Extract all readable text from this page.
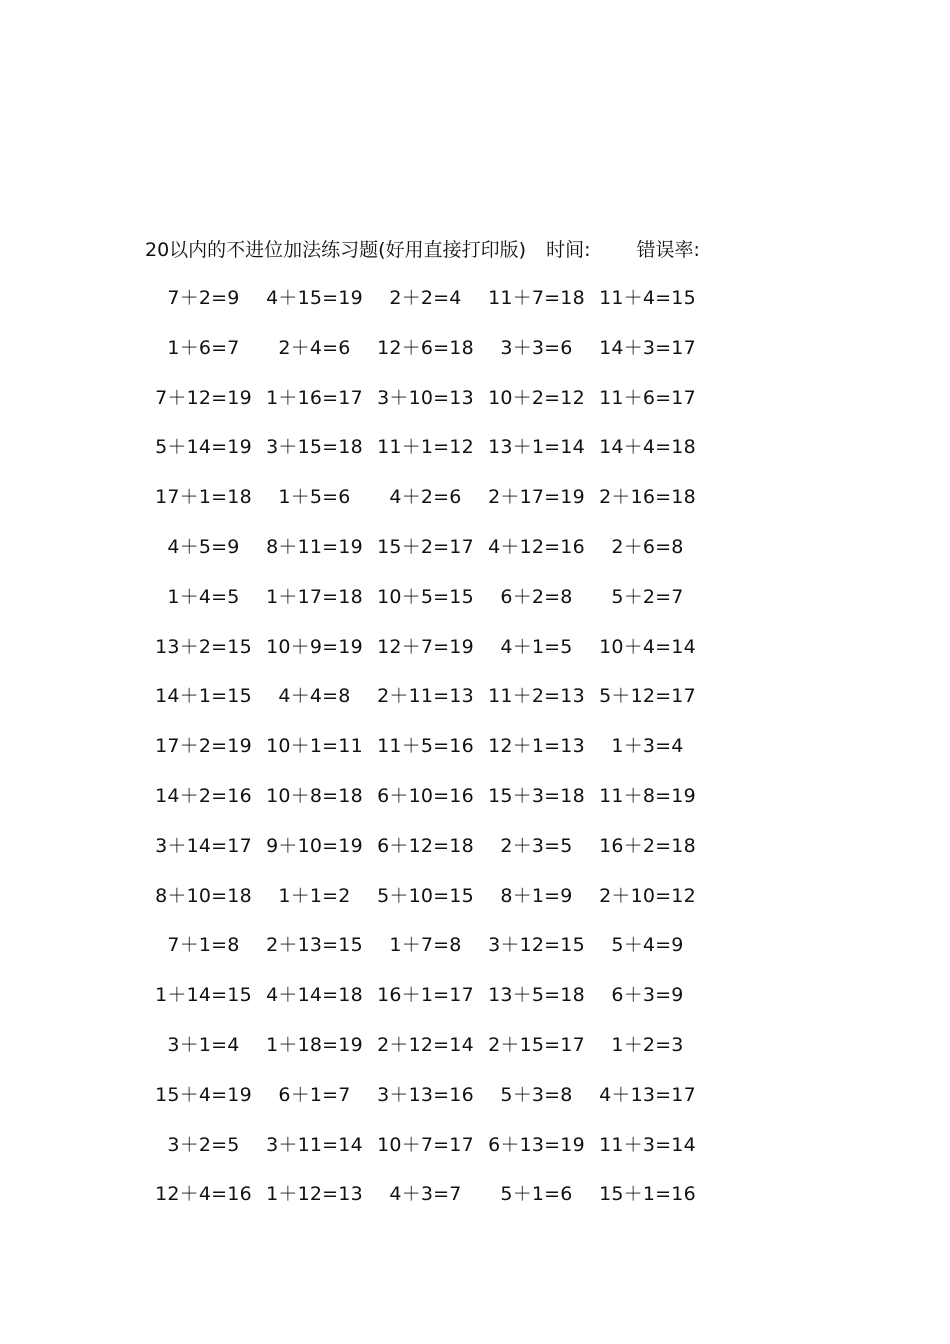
20以内的不进位加法练习题(好用直接打印版) 时间: 错误率:
7＋2=9	4＋15=19	2＋2=4	11＋7=18 11＋4=15
1＋6=7	2＋4=6	12＋6=18	3＋3=6	14＋3=17
7＋12=19 1＋16=17 3＋10=13 10＋2=12 11＋6=17
5＋14=19 3＋15=18 11＋1=12 13＋1=14 14＋4=18
17＋1=18	1＋5=6	4＋2=6	2＋17=19 2＋16=18
4＋5=9	8＋11=19 15＋2=17 4＋12=16	2＋6=8
1＋4=5	1＋17=18 10＋5=15	6＋2=8	5＋2=7
13＋2=15 10＋9=19 12＋7=19	4＋1=5	10＋4=14
14＋1=15	4＋4=8	2＋11=13 11＋2=13 5＋12=17
17＋2=19 10＋1=11 11＋5=16 12＋1=13	1＋3=4
14＋2=16 10＋8=18 6＋10=16 15＋3=18 11＋8=19
3＋14=17 9＋10=19 6＋12=18	2＋3=5	16＋2=18
8＋10=18	1＋1=2	5＋10=15	8＋1=9	2＋10=12
7＋1=8	2＋13=15	1＋7=8	3＋12=15	5＋4=9
1＋14=15 4＋14=18 16＋1=17 13＋5=18	6＋3=9
3＋1=4	1＋18=19 2＋12=14 2＋15=17	1＋2=3
15＋4=19	6＋1=7	3＋13=16	5＋3=8	4＋13=17
3＋2=5	3＋11=14 10＋7=17 6＋13=19 11＋3=14
12＋4=16 1＋12=13	4＋3=7	5＋1=6	15＋1=16
